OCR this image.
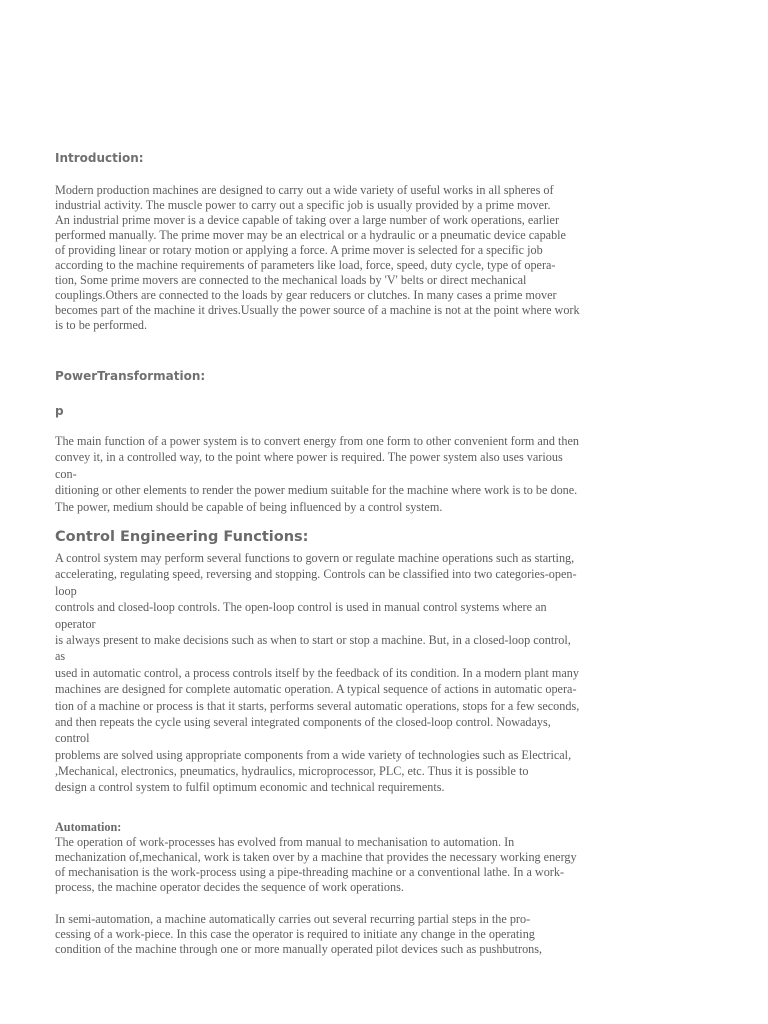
Introduction:
Modern production machines are designed to carry out a wide variety of useful works in all spheres of
industrial activity. The muscle power to carry out a specific job is usually provided by a prime mover.
An industrial prime mover is a device capable of taking over a large number of work operations, earlier
performed manually. The prime mover may be an electrical or a hydraulic or a pneumatic device capable
of providing linear or rotary motion or applying a force. A prime mover is selected for a specific job
according to the machine requirements of parameters like load, force, speed, duty cycle, type of opera-
tion, Some prime movers are connected to the mechanical loads by 'V' belts or direct mechanical
couplings.Others are connected to the loads by gear reducers or clutches. In many cases a prime mover
becomes part of the machine it drives.Usually the power source of a machine is not at the point where work
is to be performed.
PowerTransformation:
p
The main function of a power system is to convert energy from one form to other convenient form and then
convey it, in a controlled way, to the point where power is required. The power system also uses various
con-
ditioning or other elements to render the power medium suitable for the machine where work is to be done.
The power, medium should be capable of being influenced by a control system.
Control Engineering Functions:
A control system may perform several functions to govern or regulate machine operations such as starting,
accelerating, regulating speed, reversing and stopping. Controls can be classified into two categories-open-
loop
controls and closed-loop controls. The open-loop control is used in manual control systems where an
operator
is always present to make decisions such as when to start or stop a machine. But, in a closed-loop control,
as
used in automatic control, a process controls itself by the feedback of its condition. In a modern plant many
machines are designed for complete automatic operation. A typical sequence of actions in automatic opera-
tion of a machine or process is that it starts, performs several automatic operations, stops for a few seconds,
and then repeats the cycle using several integrated components of the closed-loop control. Nowadays,
control
problems are solved using appropriate components from a wide variety of technologies such as Electrical,
,Mechanical, electronics, pneumatics, hydraulics, microprocessor, PLC, etc. Thus it is possible to
design a control system to fulfil optimum economic and technical requirements.
Automation:
The operation of work-processes has evolved from manual to mechanisation to automation. In
mechanization of,mechanical, work is taken over by a machine that provides the necessary working energy
of mechanisation is the work-process using a pipe-threading machine or a conventional lathe. In a work-
process, the machine operator decides the sequence of work operations.
In semi-automation, a machine automatically carries out several recurring partial steps in the pro-
cessing of a work-piece. In this case the operator is required to initiate any change in the operating
condition of the machine through one or more manually operated pilot devices such as pushbutrons,
